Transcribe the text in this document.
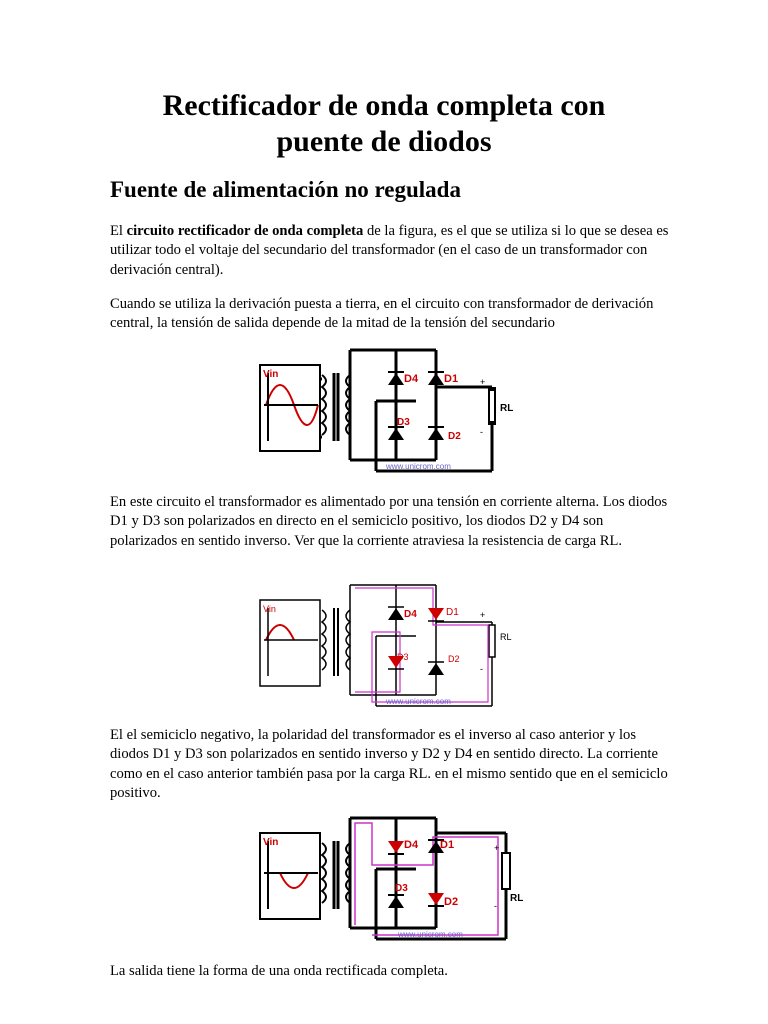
Rectificador de onda completa con
puente de diodos
Fuente de alimentación no regulada

El circuito rectificador de onda completa de la figura, es el que se utiliza si lo que se desea es utilizar todo el voltaje del secundario del transformador (en el caso de un transformador con derivación central).

Cuando se utiliza la derivación puesta a tierra, en el circuito con transformador de derivación central, la tensión de salida depende de la mitad de la tensión del secundario

Vin	D4 D1
D3
D2
RL
+
-
www.unicrom.com

En este circuito el transformador es alimentado por una tensión en corriente alterna. Los diodos D1 y D3 son polarizados en directo en el semiciclo positivo, los diodos D2 y D4 son polarizados en sentido inverso. Ver que la corriente atraviesa la resistencia de carga RL.

Vin	D4	D1
D3	D2
RL
+
-
www.unicrom.com

El el semiciclo negativo, la polaridad del transformador es el inverso al caso anterior y los diodos D1 y D3 son polarizados en sentido inverso y D2 y D4 en sentido directo. La corriente como en el caso anterior también pasa por la carga RL. en el mismo sentido que en el semiciclo positivo.

Vin	D4 D1
D3
D2	RL
+
-
www.unicrom.com

La salida tiene la forma de una onda rectificada completa.
